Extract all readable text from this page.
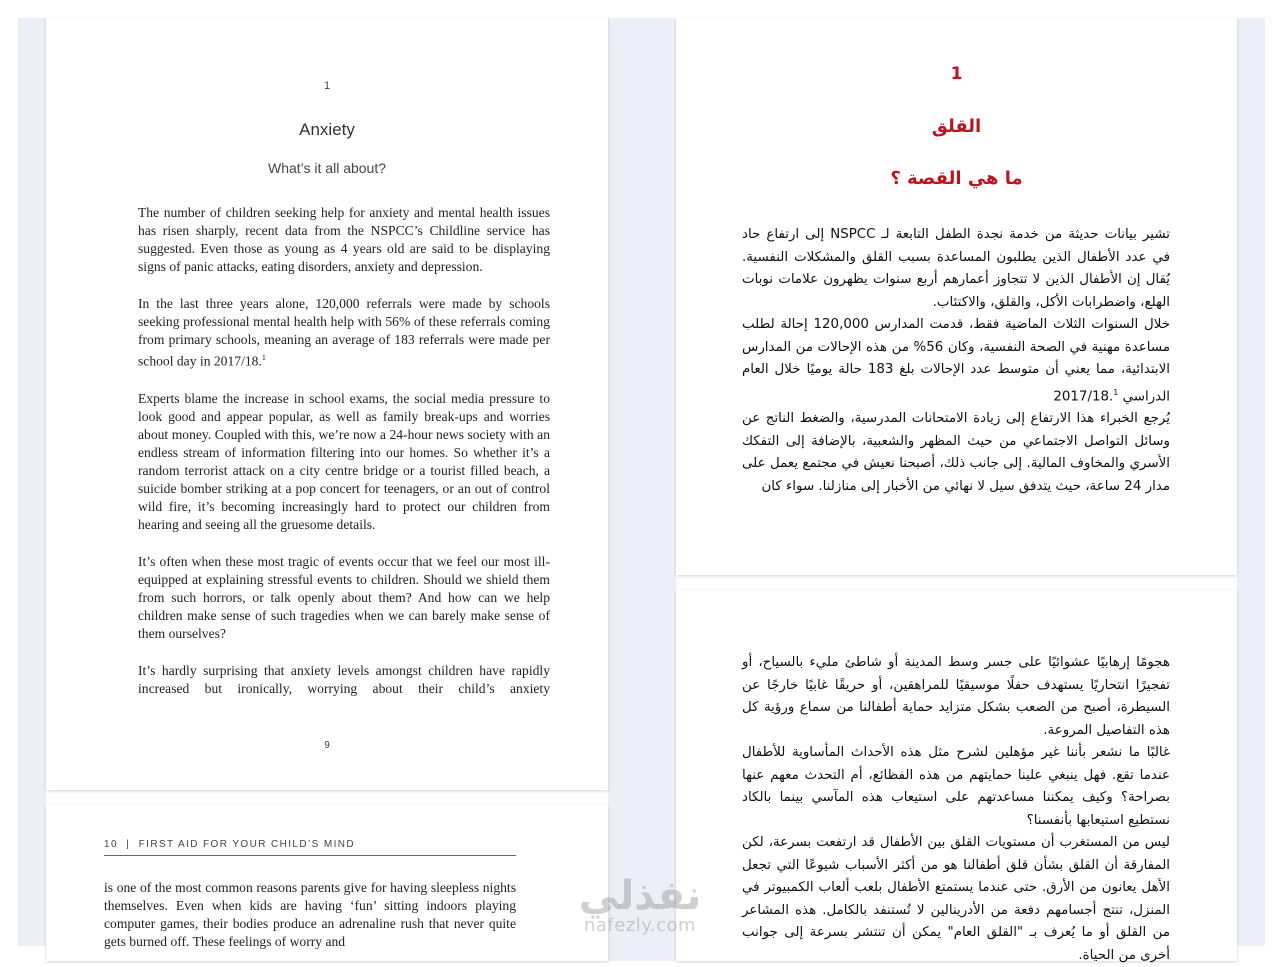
1
Anxiety
What’s it all about?

The number of children seeking help for anxiety and mental health issues has risen sharply, recent data from the NSPCC’s Childline service has suggested. Even those as young as 4 years old are said to be displaying signs of panic attacks, eating disorders, anxiety and depression.

In the last three years alone, 120,000 referrals were made by schools seeking professional mental health help with 56% of these referrals coming from primary schools, meaning an average of 183 referrals were made per school day in 2017/18.$^1$

Experts blame the increase in school exams, the social media pressure to look good and appear popular, as well as family break-ups and worries about money. Coupled with this, we’re now a 24-hour news society with an endless stream of information filtering into our homes. So whether it’s a random terrorist attack on a city centre bridge or a tourist filled beach, a suicide bomber striking at a pop concert for teenagers, or an out of control wild fire, it’s becoming increasingly hard to protect our children from hearing and seeing all the gruesome details.

It’s often when these most tragic of events occur that we feel our most ill-equipped at explaining stressful events to children. Should we shield them from such horrors, or talk openly about them? And how can we help children make sense of such tragedies when we can barely make sense of them ourselves?

It’s hardly surprising that anxiety levels amongst children have rapidly increased but ironically, worrying about their child’s anxiety

9
10  |  FIRST AID FOR YOUR CHILD’S MIND

is one of the most common reasons parents give for having sleepless nights themselves. Even when kids are having ‘fun’ sitting indoors playing computer games, their bodies produce an adrenaline rush that never quite gets burned off. These feelings of worry and

1
القلق
ما هي القصة ؟

تشير بيانات حديثة من خدمة نجدة الطفل التابعة لـ NSPCC إلى ارتفاع حاد في عدد الأطفال الذين يطلبون المساعدة بسبب القلق والمشكلات النفسية. يُقال إن الأطفال الذين لا تتجاوز أعمارهم أربع سنوات يظهرون علامات نوبات الهلع، واضطرابات الأكل، والقلق، والاكتئاب.

خلال السنوات الثلاث الماضية فقط، قدمت المدارس 120,000 إحالة لطلب مساعدة مهنية في الصحة النفسية، وكان 56% من هذه الإحالات من المدارس الابتدائية، مما يعني أن متوسط عدد الإحالات بلغ 183 حالة يوميًا خلال العام الدراسي 2017/18.$^1$

يُرجع الخبراء هذا الارتفاع إلى زيادة الامتحانات المدرسية، والضغط الناتج عن وسائل التواصل الاجتماعي من حيث المظهر والشعبية، بالإضافة إلى التفكك الأسري والمخاوف المالية. إلى جانب ذلك، أصبحنا نعيش في مجتمع يعمل على مدار 24 ساعة، حيث يتدفق سيل لا نهائي من الأخبار إلى منازلنا. سواء كان

هجومًا إرهابيًا عشوائيًا على جسر وسط المدينة أو شاطئ مليء بالسياح، أو تفجيرًا انتحاريًا يستهدف حفلًا موسيقيًا للمراهقين، أو حريقًا غابيًا خارجًا عن السيطرة، أصبح من الصعب بشكل متزايد حماية أطفالنا من سماع ورؤية كل هذه التفاصيل المروعة.

غالبًا ما نشعر بأننا غير مؤهلين لشرح مثل هذه الأحداث المأساوية للأطفال عندما تقع. فهل ينبغي علينا حمايتهم من هذه الفظائع، أم التحدث معهم عنها بصراحة؟ وكيف يمكننا مساعدتهم على استيعاب هذه المآسي بينما بالكاد نستطيع استيعابها بأنفسنا؟

ليس من المستغرب أن مستويات القلق بين الأطفال قد ارتفعت بسرعة، لكن المفارقة أن القلق بشأن قلق أطفالنا هو من أكثر الأسباب شيوعًا التي تجعل الأهل يعانون من الأرق. حتى عندما يستمتع الأطفال بلعب ألعاب الكمبيوتر في المنزل، تنتج أجسامهم دفعة من الأدرينالين لا تُستنفد بالكامل. هذه المشاعر من القلق أو ما يُعرف بـ "القلق العام" يمكن أن تنتشر بسرعة إلى جوانب أخرى من الحياة.

نفذلي
nafezly.com
